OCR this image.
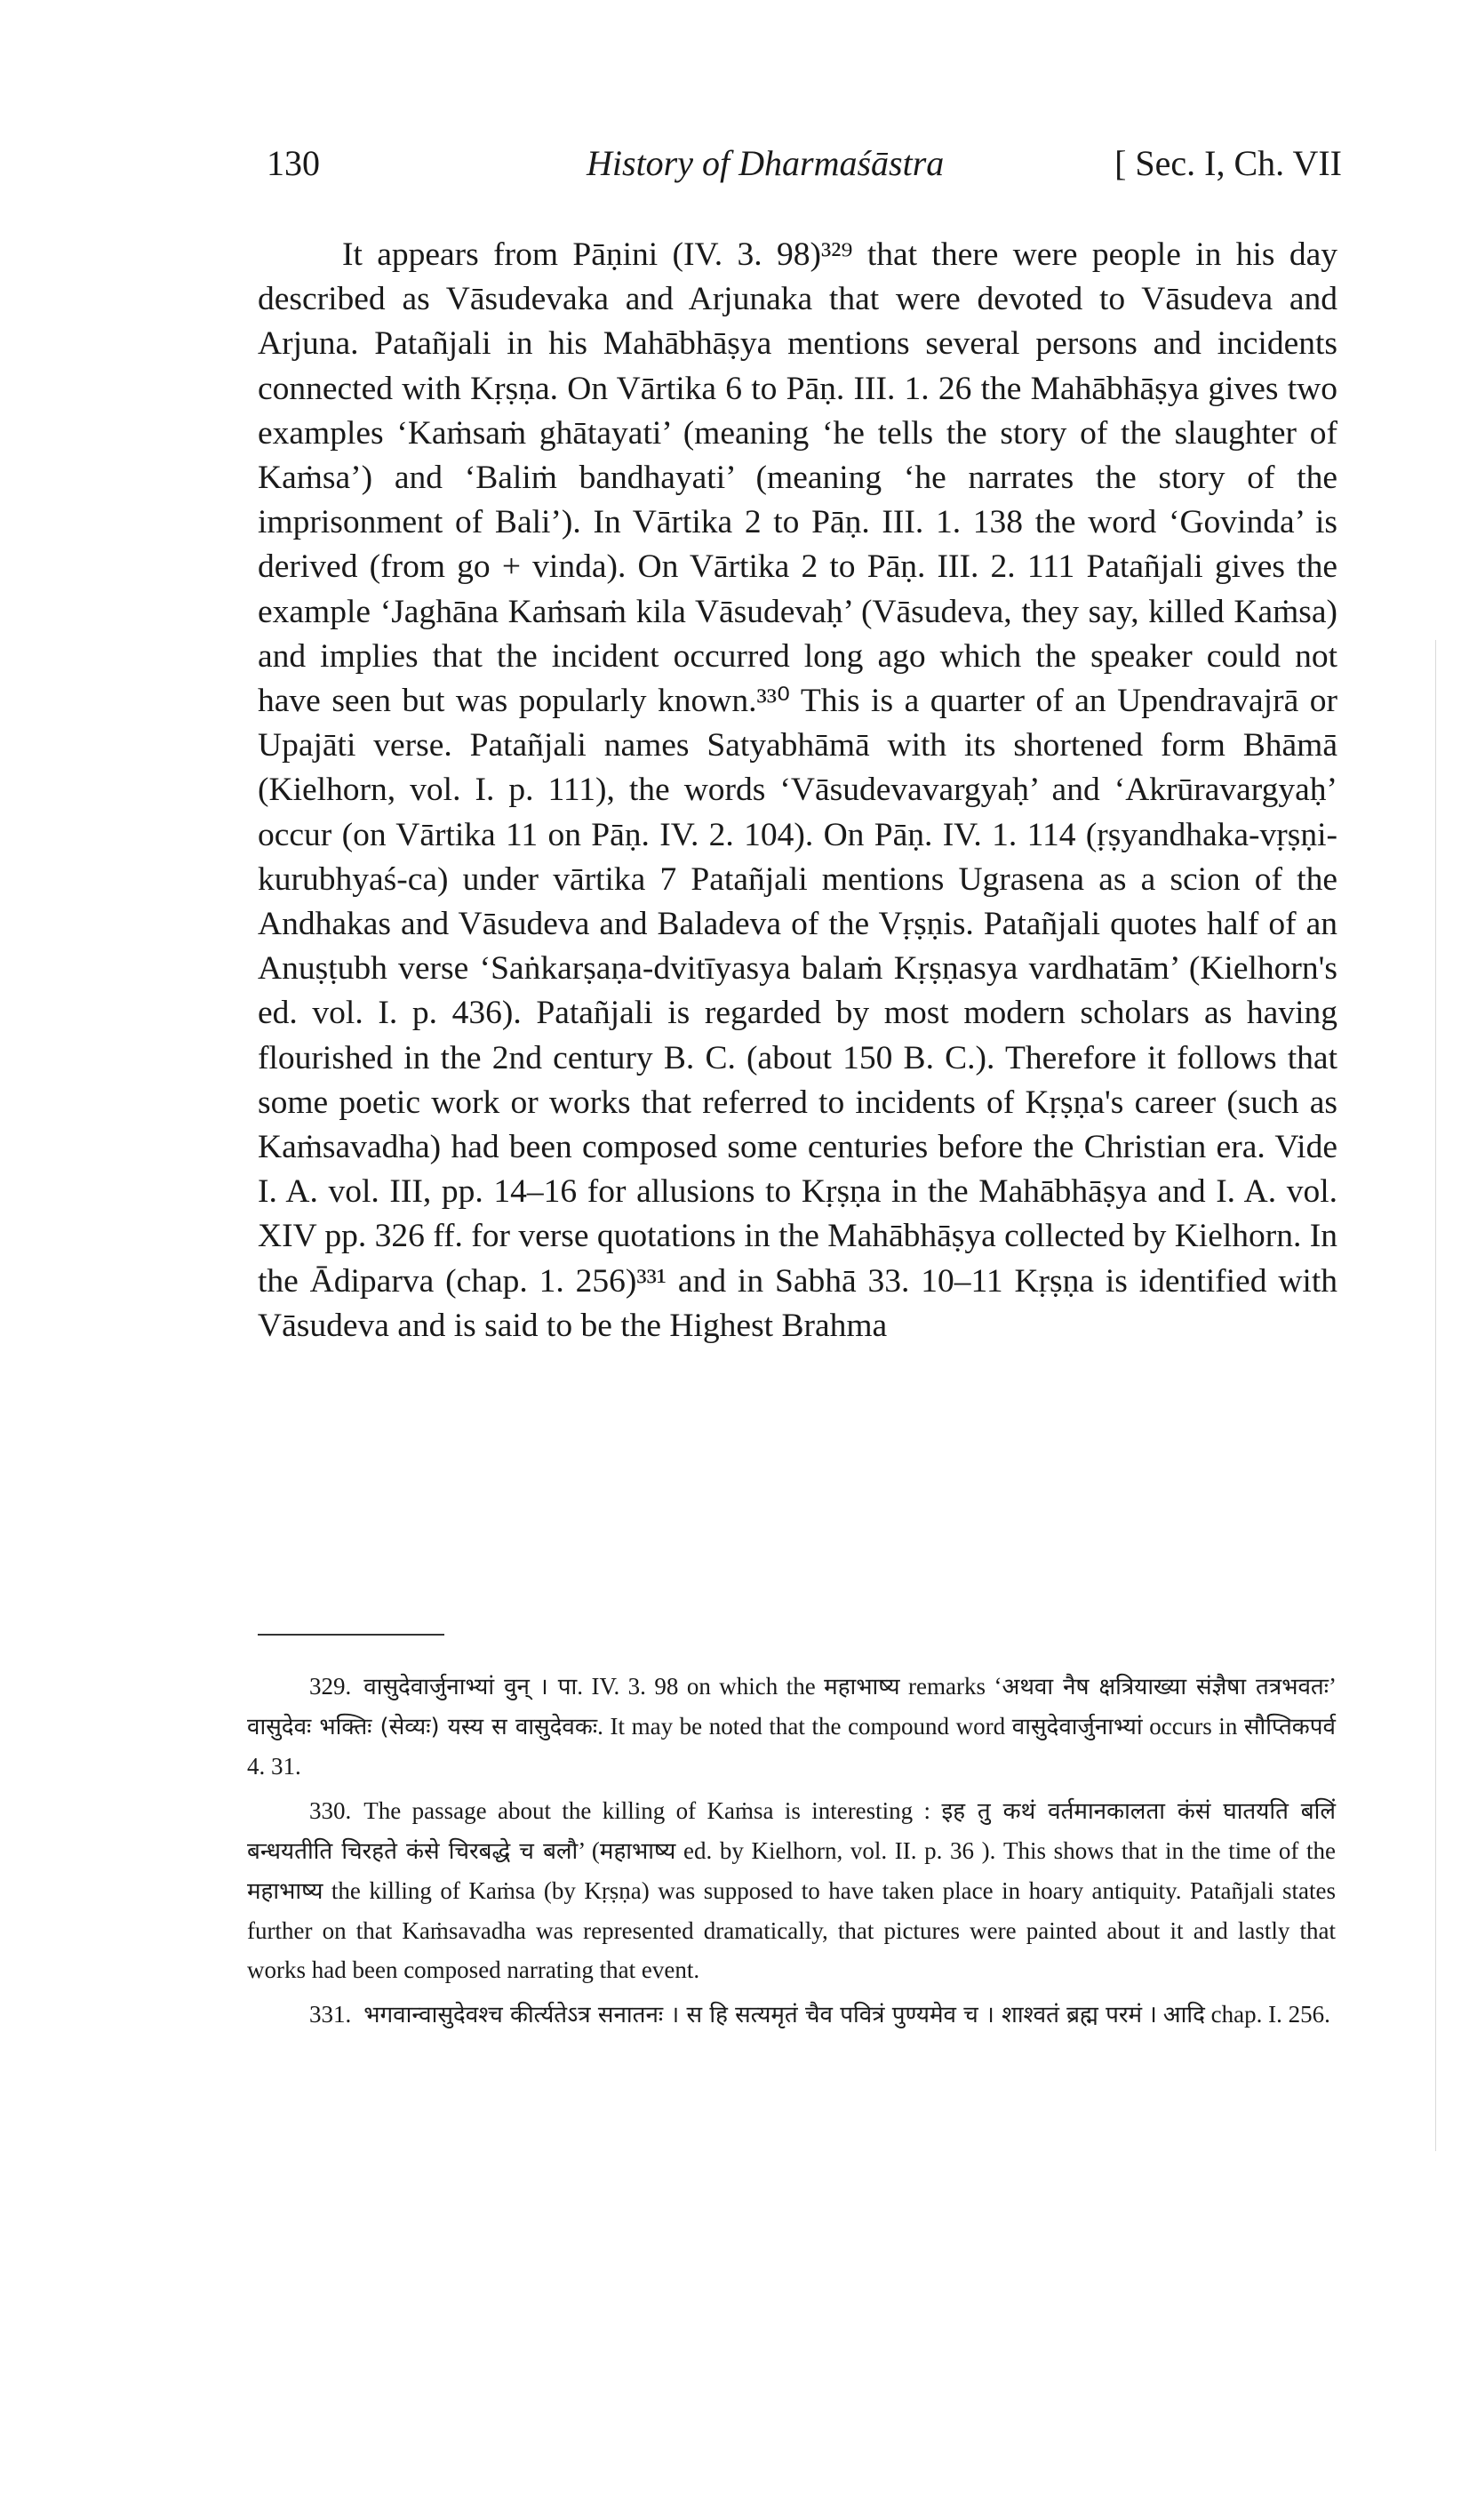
130	History of Dharmaśāstra	[ Sec. I, Ch. VII

It appears from Pāṇini (IV. 3. 98)³²⁹ that there were people in his day described as Vāsudevaka and Arjunaka that were devoted to Vāsudeva and Arjuna. Patañjali in his Mahābhāṣya mentions several persons and incidents connected with Kṛṣṇa. On Vārtika 6 to Pāṇ. III. 1. 26 the Mahābhāṣya gives two examples ‘Kaṁsaṁ ghātayati’ (meaning ‘he tells the story of the slaughter of Kaṁsa’) and ‘Baliṁ bandhayati’ (meaning ‘he narrates the story of the imprisonment of Bali’). In Vārtika 2 to Pāṇ. III. 1. 138 the word ‘Govinda’ is derived (from go + vinda). On Vārtika 2 to Pāṇ. III. 2. 111 Patañjali gives the example ‘Jaghāna Kaṁsaṁ kila Vāsudevaḥ’ (Vāsudeva, they say, killed Kaṁsa) and implies that the incident occurred long ago which the speaker could not have seen but was popularly known.³³⁰ This is a quarter of an Upendravajrā or Upajāti verse. Patañjali names Satyabhāmā with its shortened form Bhāmā (Kielhorn, vol. I. p. 111), the words ‘Vāsudevavargyaḥ’ and ‘Akrūravargyaḥ’ occur (on Vārtika 11 on Pāṇ. IV. 2. 104). On Pāṇ. IV. 1. 114 (ṛṣyandhaka-vṛṣṇi-kurubhyaś-ca) under vārtika 7 Patañjali mentions Ugrasena as a scion of the Andhakas and Vāsudeva and Baladeva of the Vṛṣṇis. Patañjali quotes half of an Anuṣṭubh verse ‘Saṅkarṣaṇa-dvitīyasya balaṁ Kṛṣṇasya vardhatām’ (Kielhorn's ed. vol. I. p. 436). Patañjali is regarded by most modern scholars as having flourished in the 2nd century B. C. (about 150 B. C.). Therefore it follows that some poetic work or works that referred to incidents of Kṛṣṇa's career (such as Kaṁsavadha) had been composed some centuries before the Christian era. Vide I. A. vol. III, pp. 14–16 for allusions to Kṛṣṇa in the Mahābhāṣya and I. A. vol. XIV pp. 326 ff. for verse quotations in the Mahābhāṣya collected by Kielhorn. In the Ādiparva (chap. 1. 256)³³¹ and in Sabhā 33. 10–11 Kṛṣṇa is identified with Vāsudeva and is said to be the Highest Brahma

329. वासुदेवार्जुनाभ्यां वुन् । पा. IV. 3. 98 on which the महाभाष्य remarks ‘अथवा नैष क्षत्रियाख्या संज्ञैषा तत्रभवतः’ वासुदेवः भक्तिः (सेव्यः) यस्य स वासुदेवकः. It may be noted that the compound word वासुदेवार्जुनाभ्यां occurs in सौप्तिकपर्व 4. 31.

330. The passage about the killing of Kaṁsa is interesting : इह तु कथं वर्तमानकालता कंसं घातयति बलिं बन्धयतीति चिरहते कंसे चिरबद्धे च बलौ’ (महाभाष्य ed. by Kielhorn, vol. II. p. 36 ). This shows that in the time of the महाभाष्य the killing of Kaṁsa (by Kṛṣṇa) was supposed to have taken place in hoary antiquity. Patañjali states further on that Kaṁsavadha was represented dramatically, that pictures were painted about it and lastly that works had been composed narrating that event.

331. भगवान्वासुदेवश्च कीर्त्यतेऽत्र सनातनः । स हि सत्यमृतं चैव पवित्रं पुण्यमेव च । शाश्वतं ब्रह्म परमं । आदि chap. I. 256.
